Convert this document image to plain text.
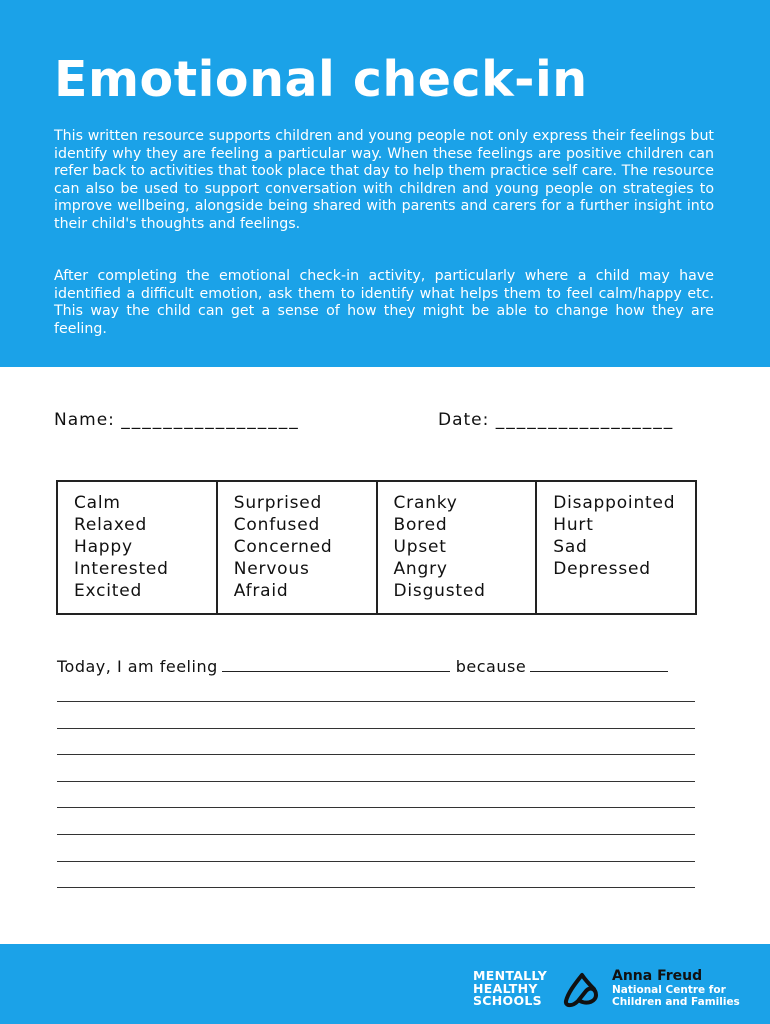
Emotional check-in

This written resource supports children and young people not only express their feelings but identify why they are feeling a particular way. When these feelings are positive children can refer back to activities that took place that day to help them practice self care. The resource can also be used to support conversation with children and young people on strategies to improve wellbeing, alongside being shared with parents and carers for a further insight into their child's thoughts and feelings.

After completing the emotional check-in activity, particularly where a child may have identified a difficult emotion, ask them to identify what helps them to feel calm/happy etc. This way the child can get a sense of how they might be able to change how they are feeling.

Name: _________________	Date: _________________
Calm
Relaxed
Happy
Interested
Excited
Surprised
Confused
Concerned
Nervous
Afraid
Cranky
Bored
Upset
Angry
Disgusted
Disappointed
Hurt
Sad
Depressed
Today, I am feeling	because
MENTALLY
HEALTHY
SCHOOLS
Anna Freud
National Centre for
Children and Families
